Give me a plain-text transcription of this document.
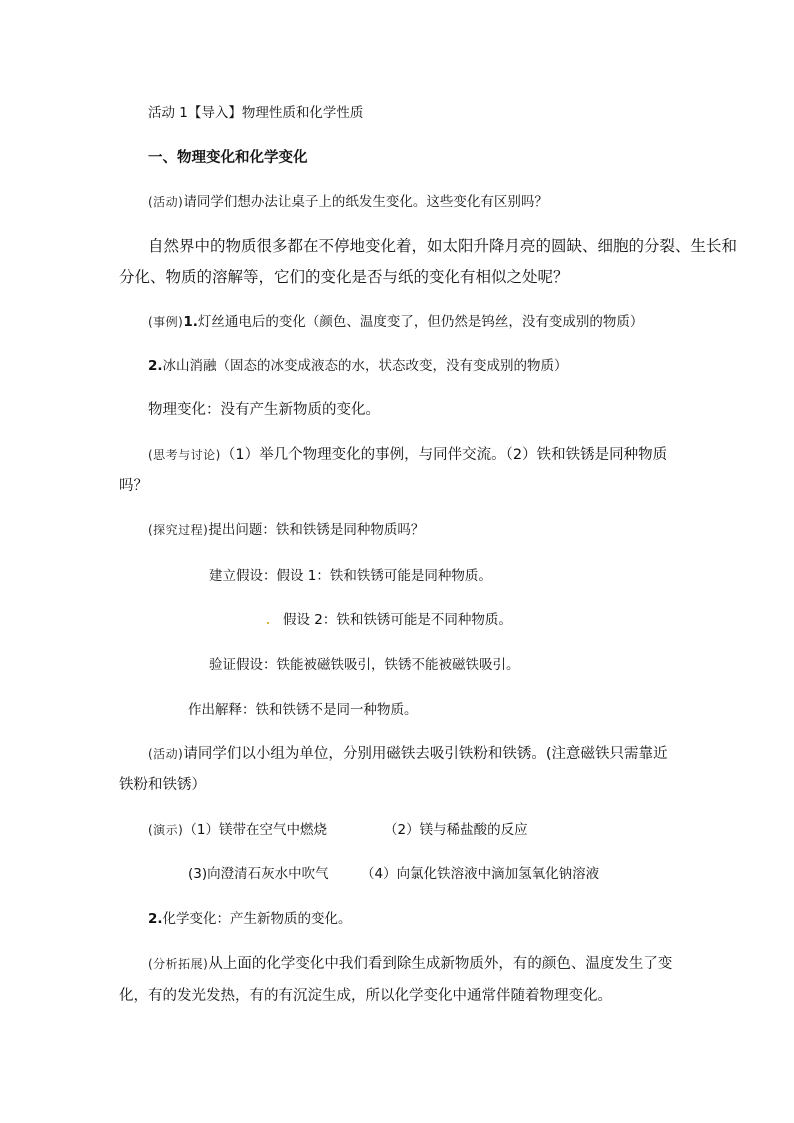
活动 1【导入】物理性质和化学性质
一、物理变化和化学变化
(活动)请同学们想办法让桌子上的纸发生变化。这些变化有区别吗？
自然界中的物质很多都在不停地变化着，如太阳升降月亮的圆缺、细胞的分裂、生长和
分化、物质的溶解等，它们的变化是否与纸的变化有相似之处呢？
(事例)1.灯丝通电后的变化（颜色、温度变了，但仍然是钨丝，没有变成别的物质）
2.冰山消融（固态的冰变成液态的水，状态改变，没有变成别的物质）
物理变化：没有产生新物质的变化。
(思考与讨论)（1）举几个物理变化的事例，与同伴交流。（2）铁和铁锈是同种物质
吗？
(探究过程)提出问题：铁和铁锈是同种物质吗？
建立假设：假设 1：铁和铁锈可能是同种物质。
假设 2：铁和铁锈可能是不同种物质。
验证假设：铁能被磁铁吸引，铁锈不能被磁铁吸引。
作出解释：铁和铁锈不是同一种物质。
(活动)请同学们以小组为单位，分别用磁铁去吸引铁粉和铁锈。(注意磁铁只需靠近
铁粉和铁锈）
(演示)（1）镁带在空气中燃烧	（2）镁与稀盐酸的反应
(3)向澄清石灰水中吹气 （4）向氯化铁溶液中滴加氢氧化钠溶液
2.化学变化：产生新物质的变化。
(分析拓展)从上面的化学变化中我们看到除生成新物质外，有的颜色、温度发生了变
化，有的发光发热，有的有沉淀生成，所以化学变化中通常伴随着物理变化。
